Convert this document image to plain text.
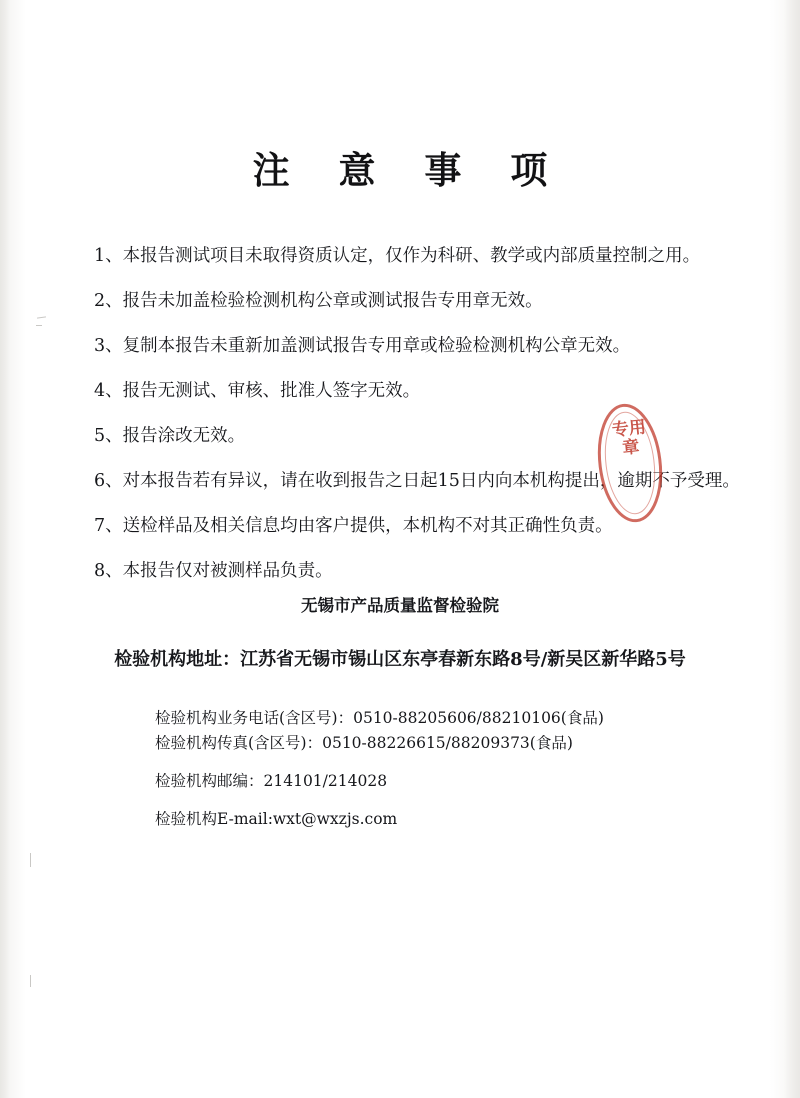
注 意 事 项
1、本报告测试项目未取得资质认定，仅作为科研、教学或内部质量控制之用。
2、报告未加盖检验检测机构公章或测试报告专用章无效。
3、复制本报告未重新加盖测试报告专用章或检验检测机构公章无效。
4、报告无测试、审核、批准人签字无效。
5、报告涂改无效。
6、对本报告若有异议，请在收到报告之日起15日内向本机构提出，逾期不予受理。
7、送检样品及相关信息均由客户提供，本机构不对其正确性负责。
8、本报告仅对被测样品负责。
专用章
无锡市产品质量监督检验院
检验机构地址：江苏省无锡市锡山区东亭春新东路8号/新吴区新华路5号
检验机构业务电话(含区号)：0510-88205606/88210106(食品)
检验机构传真(含区号)：0510-88226615/88209373(食品)
检验机构邮编：214101/214028
检验机构E-mail:wxt@wxzjs.com
